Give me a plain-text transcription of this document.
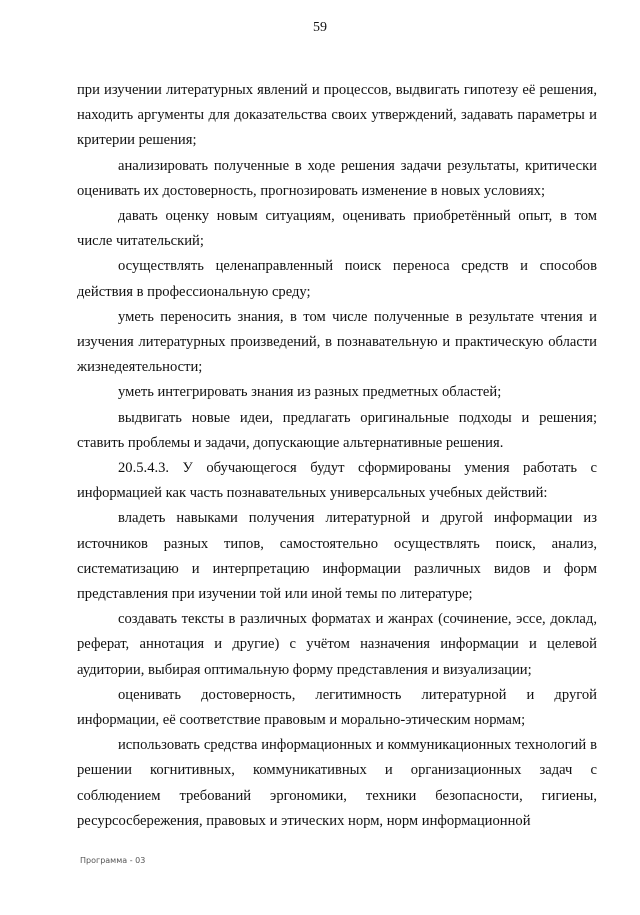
59

при изучении литературных явлений и процессов, выдвигать гипотезу её решения, находить аргументы для доказательства своих утверждений, задавать параметры и критерии решения;

анализировать полученные в ходе решения задачи результаты, критически оценивать их достоверность, прогнозировать изменение в новых условиях;

давать оценку новым ситуациям, оценивать приобретённый опыт, в том числе читательский;

осуществлять целенаправленный поиск переноса средств и способов действия в профессиональную среду;

уметь переносить знания, в том числе полученные в результате чтения и изучения литературных произведений, в познавательную и практическую области жизнедеятельности;

уметь интегрировать знания из разных предметных областей;

выдвигать новые идеи, предлагать оригинальные подходы и решения; ставить проблемы и задачи, допускающие альтернативные решения.

20.5.4.3. У обучающегося будут сформированы умения работать с информацией как часть познавательных универсальных учебных действий:

владеть навыками получения литературной и другой информации из источников разных типов, самостоятельно осуществлять поиск, анализ, систематизацию и интерпретацию информации различных видов и форм представления при изучении той или иной темы по литературе;

создавать тексты в различных форматах и жанрах (сочинение, эссе, доклад, реферат, аннотация и другие) с учётом назначения информации и целевой аудитории, выбирая оптимальную форму представления и визуализации;

оценивать достоверность, легитимность литературной и другой информации, её соответствие правовым и морально-этическим нормам;

использовать средства информационных и коммуникационных технологий в решении когнитивных, коммуникативных и организационных задач с соблюдением требований эргономики, техники безопасности, гигиены, ресурсосбережения, правовых и этических норм, норм информационной

Программа - 03
